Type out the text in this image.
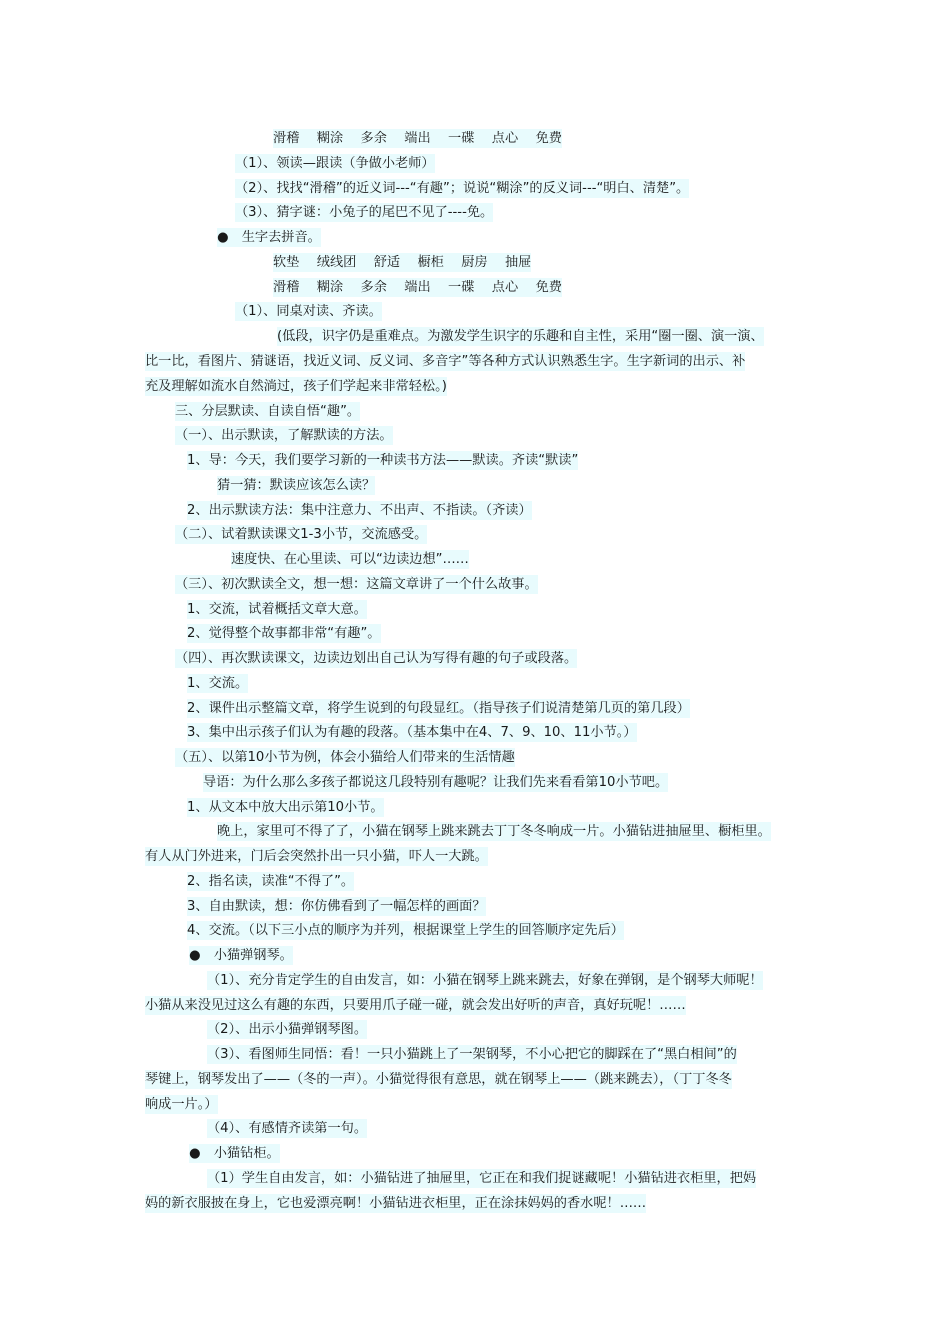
滑稽　 糊涂　 多余　 端出　 一碟　 点心　 免费
（1）、领读—跟读（争做小老师）
（2）、找找“滑稽”的近义词---“有趣”；说说“糊涂”的反义词---“明白、清楚”。
（3）、猜字谜：小兔子的尾巴不见了----免。
●　生字去拼音。
软垫　 绒线团　 舒适　 橱柜　 厨房　 抽屉
滑稽　 糊涂　 多余　 端出　 一碟　 点心　 免费
（1）、同桌对读、齐读。
(低段，识字仍是重难点。为激发学生识字的乐趣和自主性，采用“圈一圈、演一演、
比一比，看图片、猜谜语，找近义词、反义词、多音字”等各种方式认识熟悉生字。生字新词的出示、补
充及理解如流水自然淌过，孩子们学起来非常轻松。)
三、分层默读、自读自悟“趣”。
（一）、出示默读，了解默读的方法。
1、导：今天，我们要学习新的一种读书方法——默读。齐读“默读”
猜一猜：默读应该怎么读？
2、出示默读方法：集中注意力、不出声、不指读。（齐读）
（二）、试着默读课文1-3小节，交流感受。
速度快、在心里读、可以“边读边想”……
（三）、初次默读全文，想一想：这篇文章讲了一个什么故事。
1、交流，试着概括文章大意。
2、觉得整个故事都非常“有趣”。
（四）、再次默读课文，边读边划出自己认为写得有趣的句子或段落。
1、交流。
2、课件出示整篇文章，将学生说到的句段显红。（指导孩子们说清楚第几页的第几段）
3、集中出示孩子们认为有趣的段落。（基本集中在4、7、9、10、11小节。）
（五）、以第10小节为例，体会小猫给人们带来的生活情趣
导语：为什么那么多孩子都说这几段特别有趣呢？让我们先来看看第10小节吧。
1、从文本中放大出示第10小节。
晚上，家里可不得了了，小猫在钢琴上跳来跳去丁丁冬冬响成一片。小猫钻进抽屉里、橱柜里。
有人从门外进来，门后会突然扑出一只小猫，吓人一大跳。
2、指名读，读准“不得了”。
3、自由默读，想：你仿佛看到了一幅怎样的画面？
4、交流。（以下三小点的顺序为并列，根据课堂上学生的回答顺序定先后）
●　小猫弹钢琴。
（1）、充分肯定学生的自由发言，如：小猫在钢琴上跳来跳去，好象在弹钢，是个钢琴大师呢！
小猫从来没见过这么有趣的东西，只要用爪子碰一碰，就会发出好听的声音，真好玩呢！……
（2）、出示小猫弹钢琴图。
（3）、看图师生同悟：看！一只小猫跳上了一架钢琴，不小心把它的脚踩在了“黑白相间”的
琴键上，钢琴发出了——（冬的一声）。小猫觉得很有意思，就在钢琴上——（跳来跳去），（丁丁冬冬
响成一片。）
（4）、有感情齐读第一句。
●　小猫钻柜。
（1）学生自由发言，如：小猫钻进了抽屉里，它正在和我们捉谜藏呢！小猫钻进衣柜里，把妈
妈的新衣服披在身上，它也爱漂亮啊！小猫钻进衣柜里，正在涂抹妈妈的香水呢！……
